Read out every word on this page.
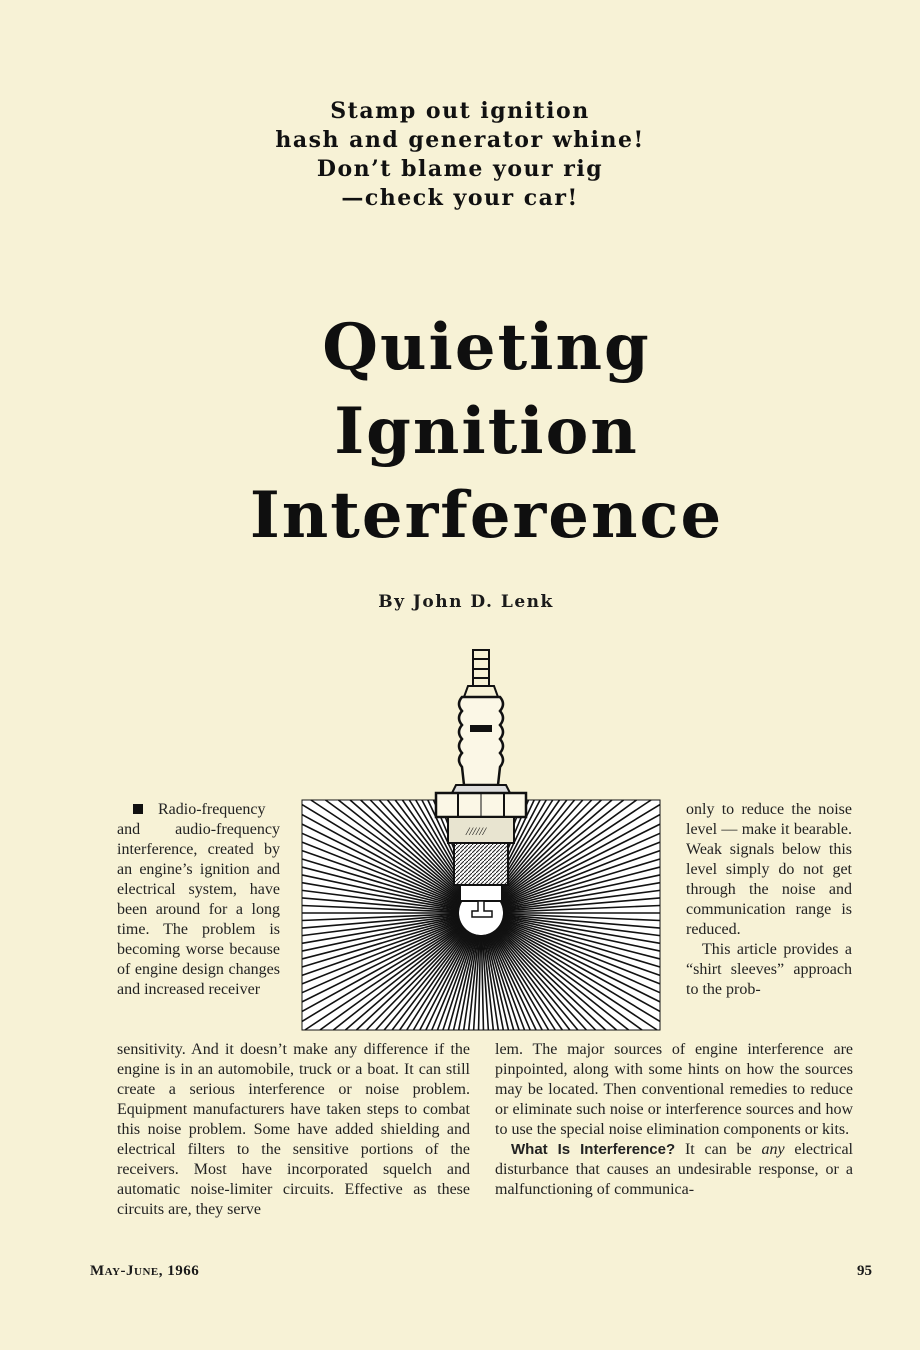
Stamp out ignition
hash and generator whine!
Don’t blame your rig
—check your car!
Quieting
Ignition
Interference
By John D. Lenk
//////

Radio-frequency and audio-frequency interference, created by an engine’s ignition and electrical system, have been around for a long time. The problem is becoming worse because of engine design changes and increased receiver

only to reduce the noise level — make it bearable. Weak signals below this level simply do not get through the noise and communication range is reduced.

This article provides a “shirt sleeves” approach to the prob-

sensitivity. And it doesn’t make any difference if the engine is in an automobile, truck or a boat. It can still create a serious interference or noise problem. Equipment manufacturers have taken steps to combat this noise problem. Some have added shielding and electrical filters to the sensitive portions of the receivers. Most have incorporated squelch and automatic noise-limiter circuits. Effective as these circuits are, they serve

lem. The major sources of engine interference are pinpointed, along with some hints on how the sources may be located. Then conventional remedies to reduce or eliminate such noise or interference sources and how to use the special noise elimination components or kits.

What Is Interference? It can be any electrical disturbance that causes an undesirable response, or a malfunctioning of communica-

May-June, 1966	95
